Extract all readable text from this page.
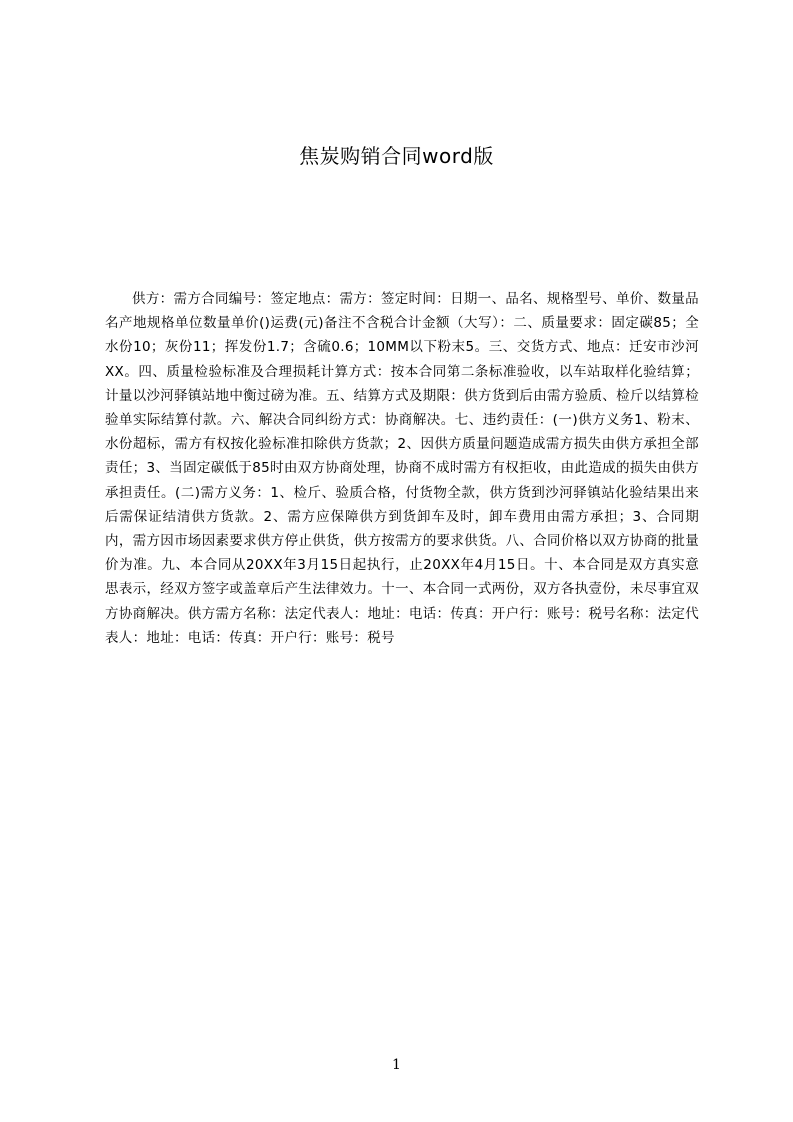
焦炭购销合同word版

供方：需方合同编号：签定地点：需方：签定时间：日期一、品名、规格型号、单价、数量品名产地规格单位数量单价()运费(元)备注不含税合计金额（大写）：二、质量要求：固定碳85；全水份10；灰份11；挥发份1.7；含硫0.6；10MM以下粉末5。三、交货方式、地点：迁安市沙河XX。四、质量检验标准及合理损耗计算方式：按本合同第二条标准验收，以车站取样化验结算；计量以沙河驿镇站地中衡过磅为准。五、结算方式及期限：供方货到后由需方验质、检斤以结算检验单实际结算付款。六、解决合同纠纷方式：协商解决。七、违约责任：(一)供方义务1、粉末、水份超标，需方有权按化验标准扣除供方货款；2、因供方质量问题造成需方损失由供方承担全部责任；3、当固定碳低于85时由双方协商处理，协商不成时需方有权拒收，由此造成的损失由供方承担责任。(二)需方义务：1、检斤、验质合格，付货物全款，供方货到沙河驿镇站化验结果出来后需保证结清供方货款。2、需方应保障供方到货卸车及时，卸车费用由需方承担；3、合同期内，需方因市场因素要求供方停止供货，供方按需方的要求供货。八、合同价格以双方协商的批量价为准。九、本合同从20XX年3月15日起执行，止20XX年4月15日。十、本合同是双方真实意思表示，经双方签字或盖章后产生法律效力。十一、本合同一式两份，双方各执壹份，未尽事宜双方协商解决。供方需方名称：法定代表人：地址：电话：传真：开户行：账号：税号名称：法定代表人：地址：电话：传真：开户行：账号：税号

1
